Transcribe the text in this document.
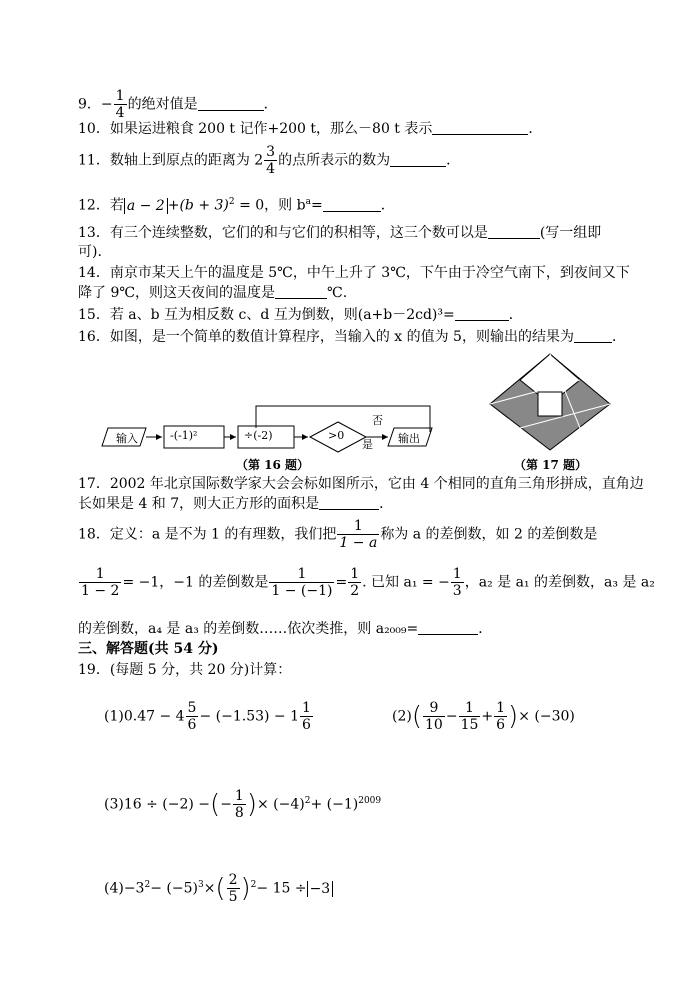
9．− $\frac{1}{4}$ 的绝对值是	．
10．如果运进粮食 200 t 记作+200 t，那么－80 t 表示	．
11．数轴上到原点的距离为 $2 \frac{3}{4}$ 的点所表示的数为	．
12．若 $a - 2 +(b + 3)^2 = 0$，则 $b^a=$	．
13．有三个连续整数，它们的和与它们的积相等，这三个数可以是	(写一组即
可).
14．南京市某天上午的温度是 5℃，中午上升了 3℃，下午由于冷空气南下，到夜间又下
降了 9℃，则这天夜间的温度是	℃.
15．若 a、b 互为相反数 c、d 互为倒数，则(a+b－2cd)³=	．
16．如图，是一个简单的数值计算程序，当输入的 x 的值为 5，则输出的结果为	．
输入	-(-1)²	÷(-2)	>0	输出
否
是
（第 16 题）	（第 17 题）
17．2002 年北京国际数学家大会会标如图所示，它由 4 个相同的直角三角形拼成，直角边
长如果是 4 和 7，则大正方形的面积是	．
18．定义：a 是不为 1 的有理数，我们把 $\frac{1}{1 - a}$ 称为 a 的差倒数，如 2 的差倒数是
$\frac{1}{1 - 2} = -1$，−1 的差倒数是 $\frac{1}{1 - (-1)} = \frac{1}{2}$ . 已知 a₁ = − $\frac{1}{3}$ ，a₂ 是 a₁ 的差倒数，a₃ 是 a₂
的差倒数，a₄ 是 a₃ 的差倒数……依次类推，则 a₂₀₀₉=	．
三、解答题(共 54 分)
19．(每题 5 分，共 20 分)计算：
$(1)0.47 - 4 \frac{5}{6} - (-1.53) - 1 \frac{1}{6}$	$(2)( \frac{9}{10} - \frac{1}{15} + \frac{1}{6}$ )× (−30)
(3)16 ÷ (−2) −(− $\frac{1}{8}$ )× $(-4)^2+ (-1)^{2009}$
$(4)-3^2- (-5)^3\times( \frac{2}{5} )^2- 15 \div -3$
